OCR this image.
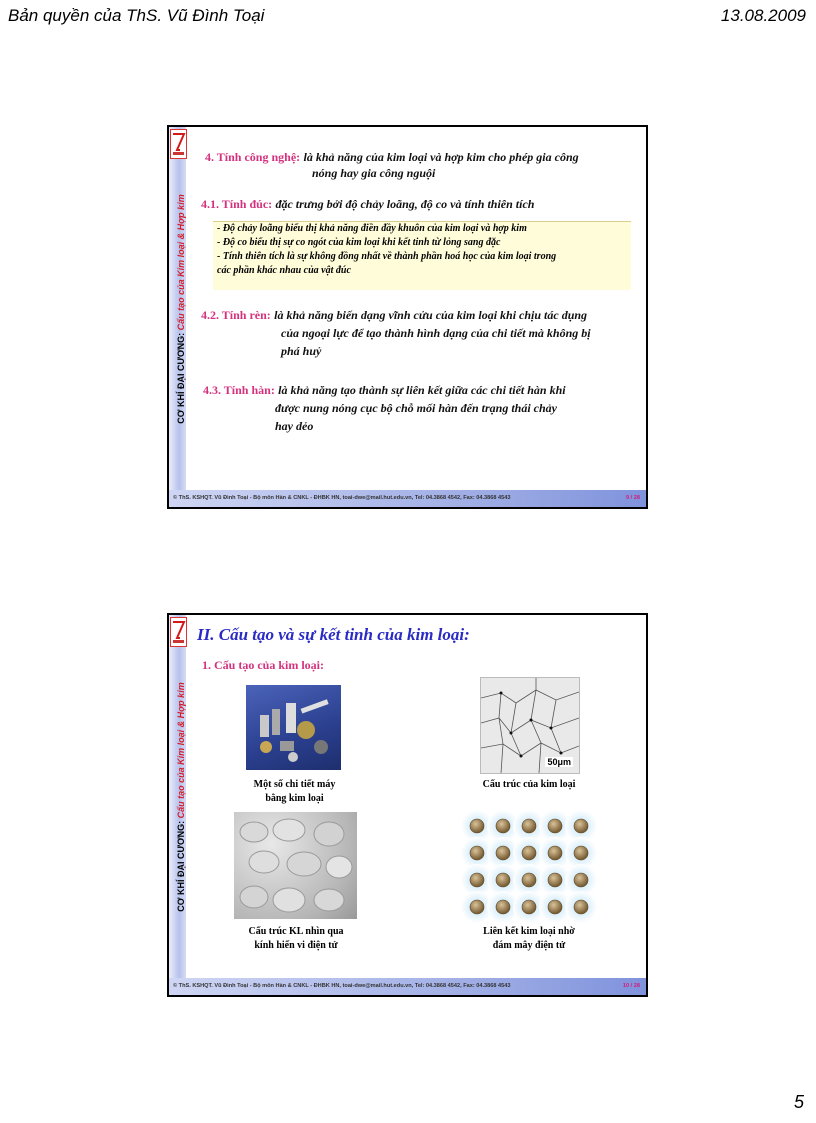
Bản quyền của ThS. Vũ Đình Toại	13.08.2009
CƠ KHÍ ĐẠI CƯƠNG: Cấu tạo của Kim loại & Hợp kim
4. Tính công nghệ: là khả năng của kim loại và hợp kim cho phép gia công
nóng hay gia công nguội
4.1. Tính đúc: đặc trưng bởi độ chảy loãng, độ co và tính thiên tích
- Độ chảy loãng biểu thị khả năng điền đầy khuôn của kim loại và hợp kim
- Độ co biểu thị sự co ngót của kim loại khi kết tinh từ lỏng sang đặc
- Tính thiên tích là sự không đồng nhất về thành phần hoá học của kim loại trong
các phần khác nhau của vật đúc
4.2. Tính rèn: là khả năng biến dạng vĩnh cửu của kim loại khi chịu tác dụng
của ngoại lực để tạo thành hình dạng của chi tiết mà không bị
phá huỷ
4.3. Tính hàn: là khả năng tạo thành sự liên kết giữa các chi tiết hàn khi
được nung nóng cục bộ chỗ mối hàn đến trạng thái chảy
hay dẻo
© ThS. KSHQT. Vũ Đình Toại - Bộ môn Hàn & CNKL - ĐHBK HN, toai-dwe@mail.hut.edu.vn, Tel: 04.3868 4542, Fax: 04.3868 4543	9 / 28
CƠ KHÍ ĐẠI CƯƠNG: Cấu tạo của Kim loại & Hợp kim
II. Cấu tạo và sự kết tinh của kim loại:
1. Cấu tạo của kim loại:
Một số chi tiết máy
bằng kim loại
50μm
Cấu trúc của kim loại
Cấu trúc KL nhìn qua
kính hiển vi điện tử
Liên kết kim loại nhờ
đám mây điện tử
© ThS. KSHQT. Vũ Đình Toại - Bộ môn Hàn & CNKL - ĐHBK HN, toai-dwe@mail.hut.edu.vn, Tel: 04.3868 4542, Fax: 04.3868 4543	10 / 28
5
